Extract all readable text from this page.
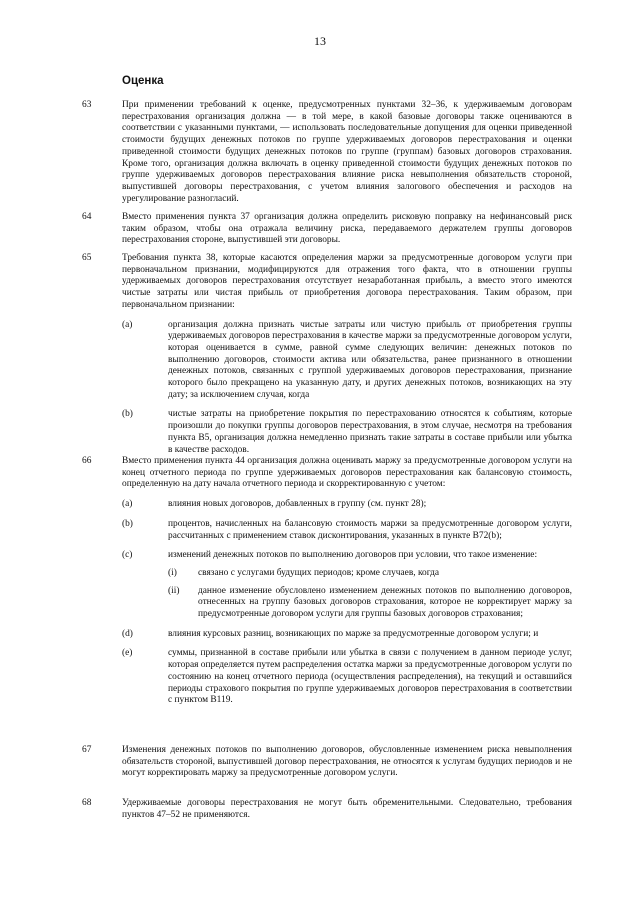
13
Оценка
63	При применении требований к оценке, предусмотренных пунктами 32–36, к удерживаемым договорам перестрахования организация должна — в той мере, в какой базовые договоры также оцениваются в соответствии с указанными пунктами, — использовать последовательные допущения для оценки приведенной стоимости будущих денежных потоков по группе удерживаемых договоров перестрахования и оценки приведенной стоимости будущих денежных потоков по группе (группам) базовых договоров страхования. Кроме того, организация должна включать в оценку приведенной стоимости будущих денежных потоков по группе удерживаемых договоров перестрахования влияние риска невыполнения обязательств стороной, выпустившей договоры перестрахования, с учетом влияния залогового обеспечения и расходов на урегулирование разногласий.
64	Вместо применения пункта 37 организация должна определить рисковую поправку на нефинансовый риск таким образом, чтобы она отражала величину риска, передаваемого держателем группы договоров перестрахования стороне, выпустившей эти договоры.
65	Требования пункта 38, которые касаются определения маржи за предусмотренные договором услуги при первоначальном признании, модифицируются для отражения того факта, что в отношении группы удерживаемых договоров перестрахования отсутствует незаработанная прибыль, а вместо этого имеются чистые затраты или чистая прибыль от приобретения договора перестрахования. Таким образом, при первоначальном признании:
(a)	организация должна признать чистые затраты или чистую прибыль от приобретения группы удерживаемых договоров перестрахования в качестве маржи за предусмотренные договором услуги, которая оценивается в сумме, равной сумме следующих величин: денежных потоков по выполнению договоров, стоимости актива или обязательства, ранее признанного в отношении денежных потоков, связанных с группой удерживаемых договоров перестрахования, признание которого было прекращено на указанную дату, и других денежных потоков, возникающих на эту дату; за исключением случая, когда
(b)	чистые затраты на приобретение покрытия по перестрахованию относятся к событиям, которые произошли до покупки группы договоров перестрахования, в этом случае, несмотря на требования пункта B5, организация должна немедленно признать такие затраты в составе прибыли или убытка в качестве расходов.
66	Вместо применения пункта 44 организация должна оценивать маржу за предусмотренные договором услуги на конец отчетного периода по группе удерживаемых договоров перестрахования как балансовую стоимость, определенную на дату начала отчетного периода и скорректированную с учетом:
(a)	влияния новых договоров, добавленных в группу (см. пункт 28);
(b)	процентов, начисленных на балансовую стоимость маржи за предусмотренные договором услуги, рассчитанных с применением ставок дисконтирования, указанных в пункте B72(b);
(c)	изменений денежных потоков по выполнению договоров при условии, что такое изменение:
(i) связано с услугами будущих периодов; кроме случаев, когда
(ii) данное изменение обусловлено изменением денежных потоков по выполнению договоров, отнесенных на группу базовых договоров страхования, которое не корректирует маржу за предусмотренные договором услуги для группы базовых договоров страхования;
(d)	влияния курсовых разниц, возникающих по марже за предусмотренные договором услуги; и
(e)	суммы, признанной в составе прибыли или убытка в связи с получением в данном периоде услуг, которая определяется путем распределения остатка маржи за предусмотренные договором услуги по состоянию на конец отчетного периода (осуществления распределения), на текущий и оставшийся периоды страхового покрытия по группе удерживаемых договоров перестрахования в соответствии с пунктом B119.
67	Изменения денежных потоков по выполнению договоров, обусловленные изменением риска невыполнения обязательств стороной, выпустившей договор перестрахования, не относятся к услугам будущих периодов и не могут корректировать маржу за предусмотренные договором услуги.
68	Удерживаемые договоры перестрахования не могут быть обременительными. Следовательно, требования пунктов 47–52 не применяются.
